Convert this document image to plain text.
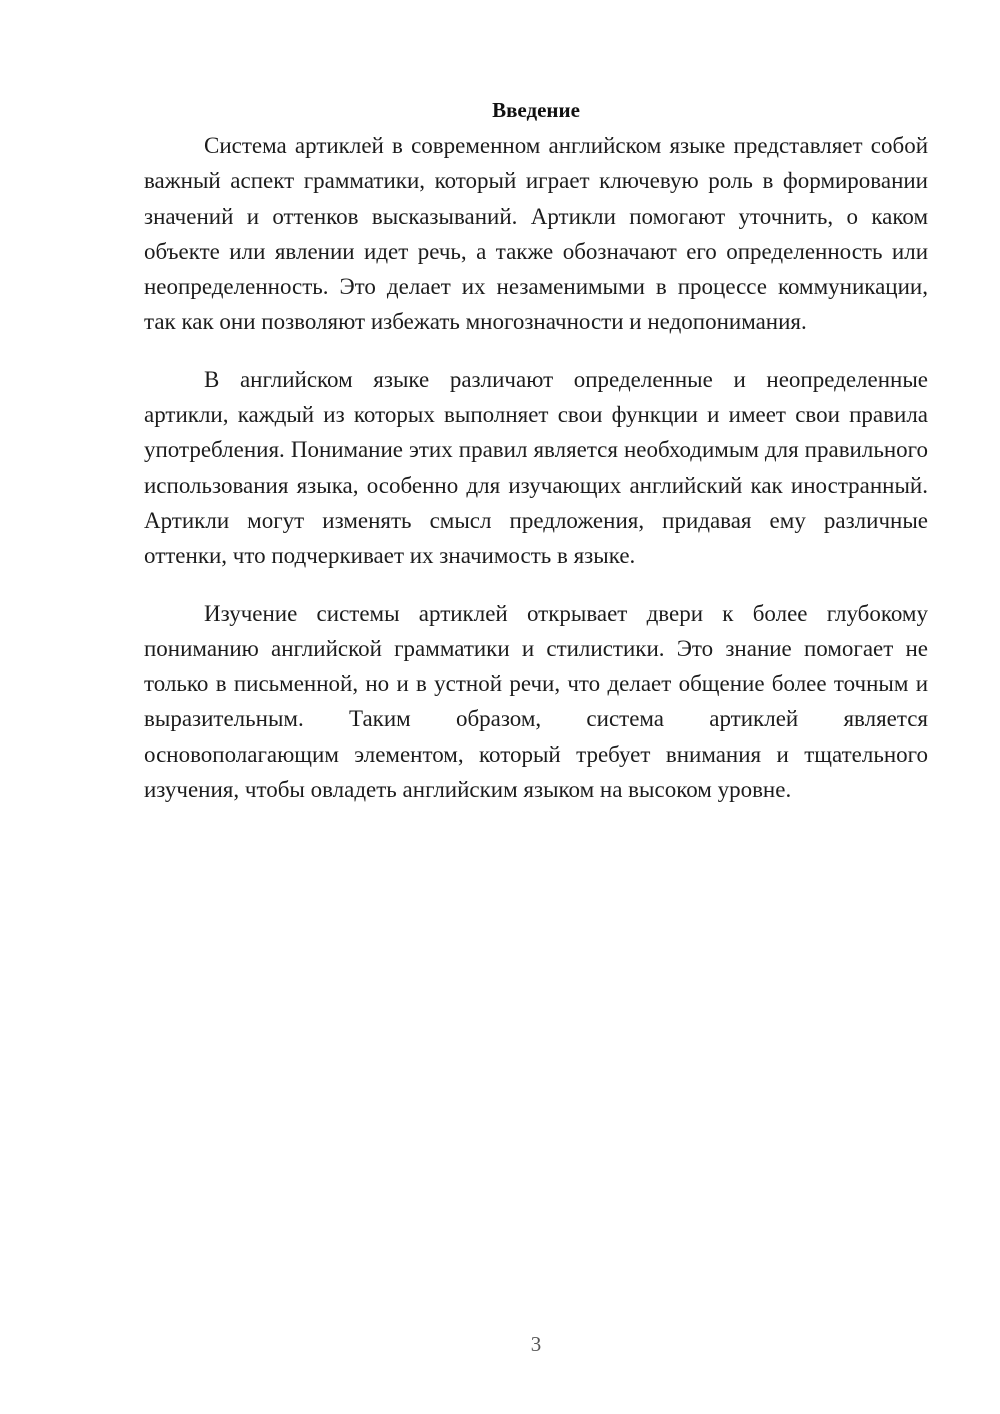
Введение

Система артиклей в современном английском языке представляет собой важный аспект грамматики, который играет ключевую роль в формировании значений и оттенков высказываний. Артикли помогают уточнить, о каком объекте или явлении идет речь, а также обозначают его определенность или неопределенность. Это делает их незаменимыми в процессе коммуникации, так как они позволяют избежать многозначности и недопонимания.

В английском языке различают определенные и неопределенные артикли, каждый из которых выполняет свои функции и имеет свои правила употребления. Понимание этих правил является необходимым для правильного использования языка, особенно для изучающих английский как иностранный. Артикли могут изменять смысл предложения, придавая ему различные оттенки, что подчеркивает их значимость в языке.

Изучение системы артиклей открывает двери к более глубокому пониманию английской грамматики и стилистики. Это знание помогает не только в письменной, но и в устной речи, что делает общение более точным и выразительным. Таким образом, система артиклей является основополагающим элементом, который требует внимания и тщательного изучения, чтобы овладеть английским языком на высоком уровне.

3
